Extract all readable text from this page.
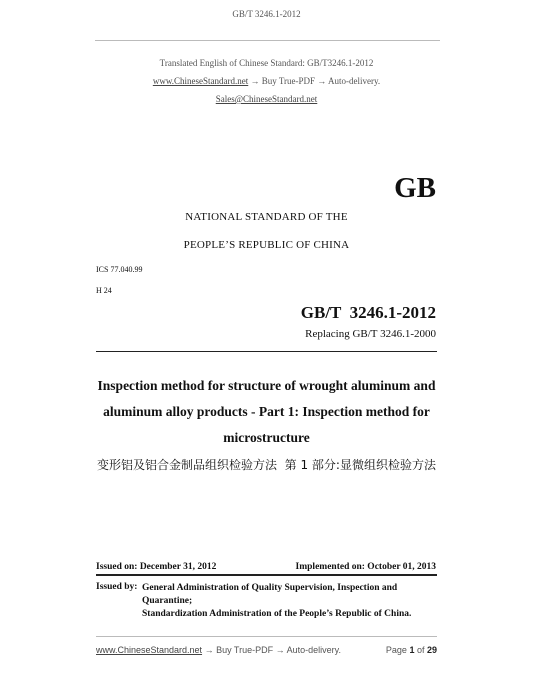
GB/T 3246.1-2012
Translated English of Chinese Standard: GB/T3246.1-2012
www.ChineseStandard.net → Buy True-PDF → Auto-delivery.
Sales@ChineseStandard.net
GB
NATIONAL STANDARD OF THE
PEOPLE’S REPUBLIC OF CHINA
ICS 77.040.99
H 24
GB/T  3246.1-2012
Replacing GB/T 3246.1-2000
Inspection method for structure of wrought aluminum and
aluminum alloy products - Part 1: Inspection method for
microstructure
变形铝及铝合金制品组织检验方法  第 1 部分:显微组织检验方法
Issued on: December 31, 2012	Implemented on: October 01, 2013
Issued by: General Administration of Quality Supervision, Inspection and Quarantine;
Standardization Administration of the People’s Republic of China.
www.ChineseStandard.net → Buy True-PDF → Auto-delivery.	Page 1 of 29
